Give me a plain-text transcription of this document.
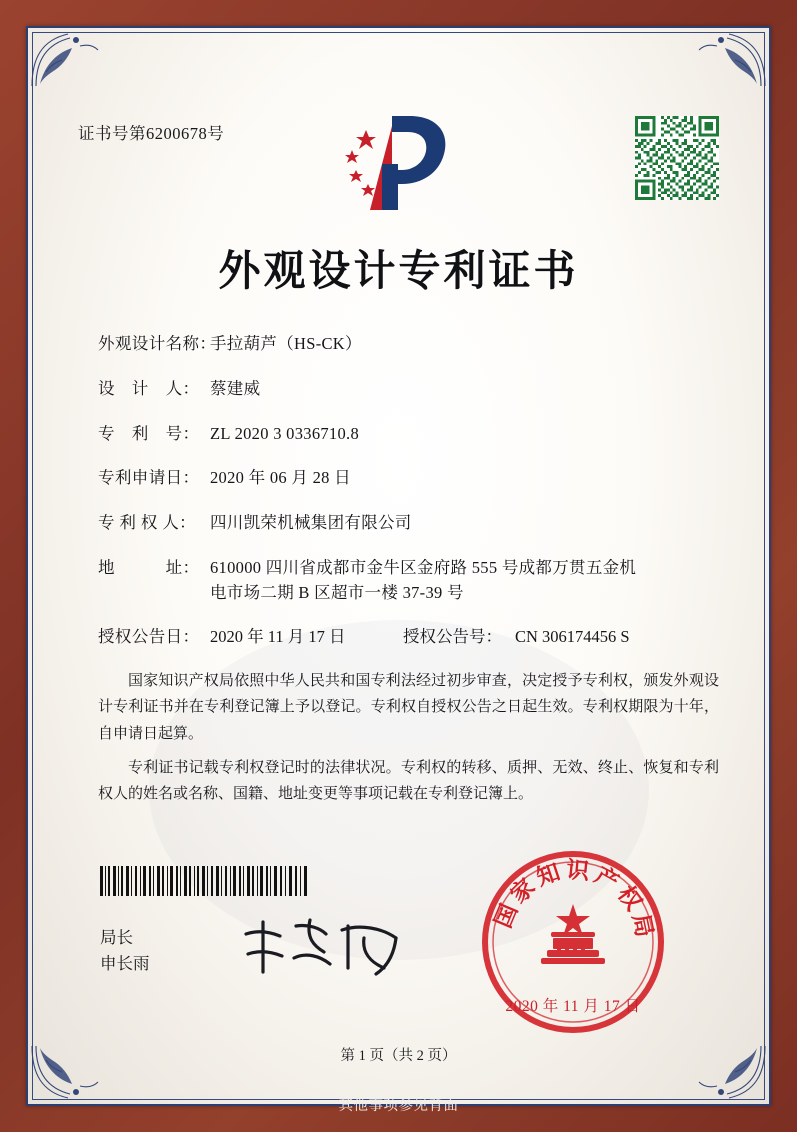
证书号第6200678号
外观设计专利证书
外观设计名称：
手拉葫芦（HS-CK）
设　计　人： 蔡建威
专　利　号： ZL 2020 3 0336710.8
专利申请日： 2020 年 06 月 28 日
专 利 权 人： 四川凯荣机械集团有限公司
地　　　址： 610000 四川省成都市金牛区金府路 555 号成都万贯五金机
电市场二期 B 区超市一楼 37-39 号
授权公告日： 2020 年 11 月 17 日	授权公告号： CN 306174456 S

国家知识产权局依照中华人民共和国专利法经过初步审查，决定授予专利权，颁发外观设计专利证书并在专利登记簿上予以登记。专利权自授权公告之日起生效。专利权期限为十年，自申请日起算。

专利证书记载专利权登记时的法律状况。专利权的转移、质押、无效、终止、恢复和专利权人的姓名或名称、国籍、地址变更等事项记载在专利登记簿上。

局长
申长雨
国家知识产权局
2020 年 11 月 17 日
第 1 页（共 2 页）
其他事项参见背面
